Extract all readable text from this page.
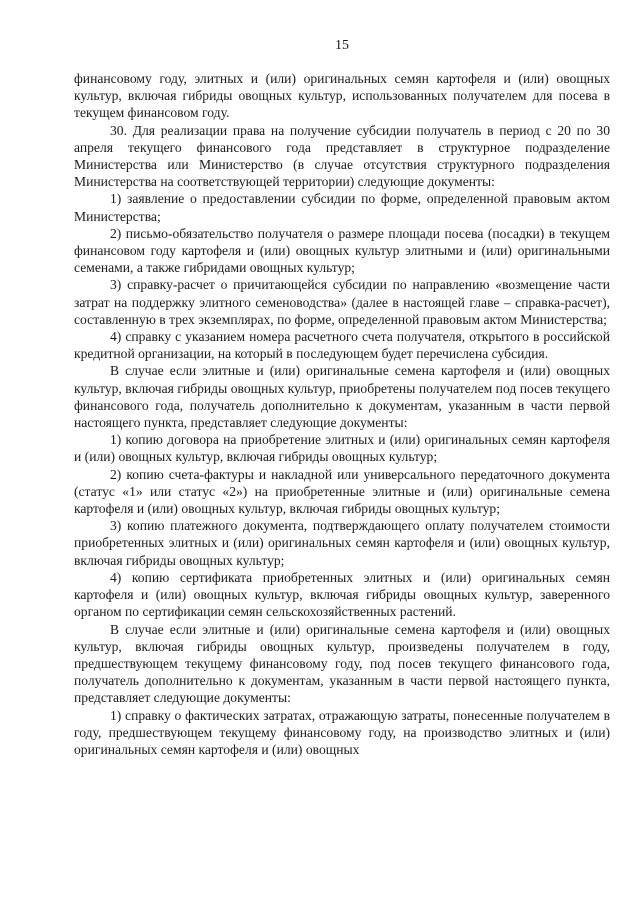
15

финансовому году, элитных и (или) оригинальных семян картофеля и (или) овощных культур, включая гибриды овощных культур, использованных получателем для посева в текущем финансовом году.

30. Для реализации права на получение субсидии получатель в период с 20 по 30 апреля текущего финансового года представляет в структурное подразделение Министерства или Министерство (в случае отсутствия структурного подразделения Министерства на соответствующей территории) следующие документы:

1) заявление о предоставлении субсидии по форме, определенной правовым актом Министерства;

2) письмо-обязательство получателя о размере площади посева (посадки) в текущем финансовом году картофеля и (или) овощных культур элитными и (или) оригинальными семенами, а также гибридами овощных культур;

3) справку-расчет о причитающейся субсидии по направлению «возмещение части затрат на поддержку элитного семеноводства» (далее в настоящей главе – справка-расчет), составленную в трех экземплярах, по форме, определенной правовым актом Министерства;

4) справку с указанием номера расчетного счета получателя, открытого в российской кредитной организации, на который в последующем будет перечислена субсидия.

В случае если элитные и (или) оригинальные семена картофеля и (или) овощных культур, включая гибриды овощных культур, приобретены получателем под посев текущего финансового года, получатель дополнительно к документам, указанным в части первой настоящего пункта, представляет следующие документы:

1) копию договора на приобретение элитных и (или) оригинальных семян картофеля и (или) овощных культур, включая гибриды овощных культур;

2) копию счета-фактуры и накладной или универсального передаточного документа (статус «1» или статус «2») на приобретенные элитные и (или) оригинальные семена картофеля и (или) овощных культур, включая гибриды овощных культур;

3) копию платежного документа, подтверждающего оплату получателем стоимости приобретенных элитных и (или) оригинальных семян картофеля и (или) овощных культур, включая гибриды овощных культур;

4) копию сертификата приобретенных элитных и (или) оригинальных семян картофеля и (или) овощных культур, включая гибриды овощных культур, заверенного органом по сертификации семян сельскохозяйственных растений.

В случае если элитные и (или) оригинальные семена картофеля и (или) овощных культур, включая гибриды овощных культур, произведены получателем в году, предшествующем текущему финансовому году, под посев текущего финансового года, получатель дополнительно к документам, указанным в части первой настоящего пункта, представляет следующие документы:

1) справку о фактических затратах, отражающую затраты, понесенные получателем в году, предшествующем текущему финансовому году, на производство элитных и (или) оригинальных семян картофеля и (или) овощных
